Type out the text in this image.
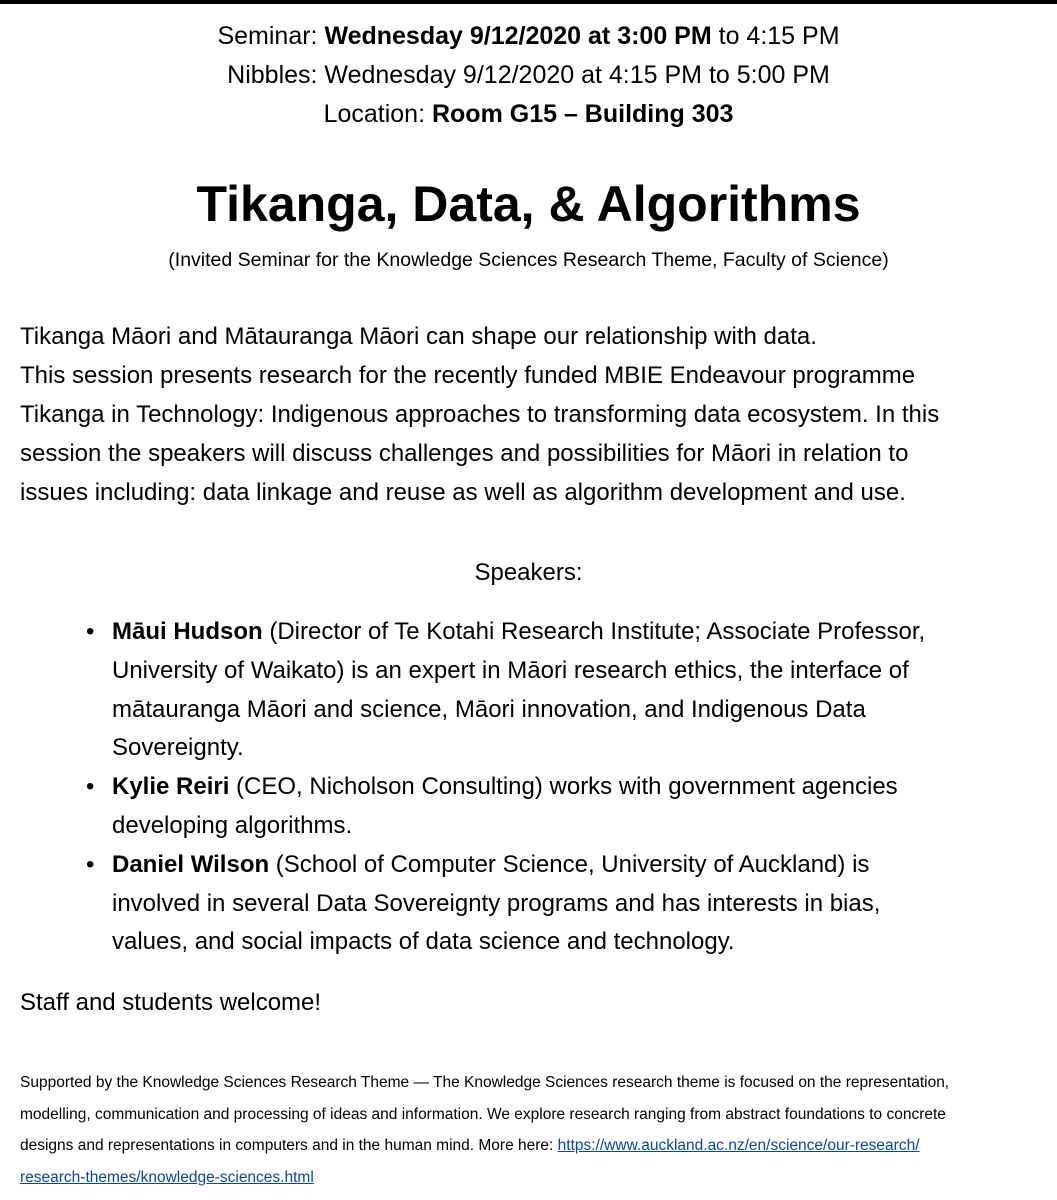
Seminar: Wednesday 9/12/2020 at 3:00 PM to 4:15 PM
Nibbles: Wednesday 9/12/2020 at 4:15 PM to 5:00 PM
Location: Room G15 – Building 303
Tikanga, Data, & Algorithms
(Invited Seminar for the Knowledge Sciences Research Theme, Faculty of Science)

Tikanga Māori and Mātauranga Māori can shape our relationship with data.
This session presents research for the recently funded MBIE Endeavour programme
Tikanga in Technology: Indigenous approaches to transforming data ecosystem. In this
session the speakers will discuss challenges and possibilities for Māori in relation to
issues including: data linkage and reuse as well as algorithm development and use.

Speakers:
• Māui Hudson (Director of Te Kotahi Research Institute; Associate Professor,
University of Waikato) is an expert in Māori research ethics, the interface of
mātauranga Māori and science, Māori innovation, and Indigenous Data
Sovereignty.
• Kylie Reiri (CEO, Nicholson Consulting) works with government agencies
developing algorithms.
• Daniel Wilson (School of Computer Science, University of Auckland) is
involved in several Data Sovereignty programs and has interests in bias,
values, and social impacts of data science and technology.
Staff and students welcome!
Supported by the Knowledge Sciences Research Theme — The Knowledge Sciences research theme is focused on the representation,
modelling, communication and processing of ideas and information. We explore research ranging from abstract foundations to concrete
designs and representations in computers and in the human mind. More here: https://www.auckland.ac.nz/en/science/our-research/
research-themes/knowledge-sciences.html
